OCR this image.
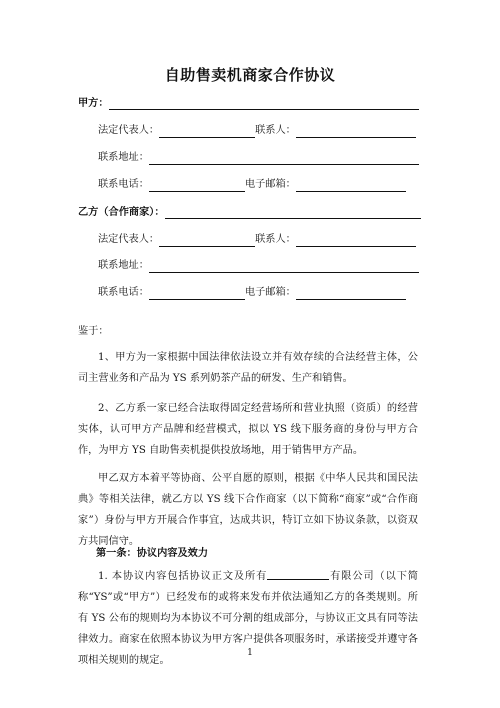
自助售卖机商家合作协议
甲方：
法定代表人：	联系人：
联系地址：
联系电话：	电子邮箱：
乙方（合作商家）：
法定代表人：	联系人：
联系地址：
联系电话：	电子邮箱：
鉴于：
1、甲方为一家根据中国法律依法设立并有效存续的合法经营主体，公司主营业务和产品为 YS 系列奶茶产品的研发、生产和销售。
2、乙方系一家已经合法取得固定经营场所和营业执照（资质）的经营实体，认可甲方产品牌和经营模式，拟以 YS 线下服务商的身份与甲方合作，为甲方 YS 自助售卖机提供投放场地，用于销售甲方产品。
甲乙双方本着平等协商、公平自愿的原则，根据《中华人民共和国民法典》等相关法律，就乙方以 YS 线下合作商家（以下简称“商家”或“合作商家”）身份与甲方开展合作事宜，达成共识，特订立如下协议条款，以资双方共同信守。
第一条：协议内容及效力
1. 本协议内容包括协议正文及所有	有限公司（以下简称“YS”或“甲方”）已经发布的或将来发布并依法通知乙方的各类规则。所有 YS 公布的规则均为本协议不可分割的组成部分，与协议正文具有同等法律效力。商家在依照本协议为甲方客户提供各项服务时，承诺接受并遵守各项相关规则的规定。
1
